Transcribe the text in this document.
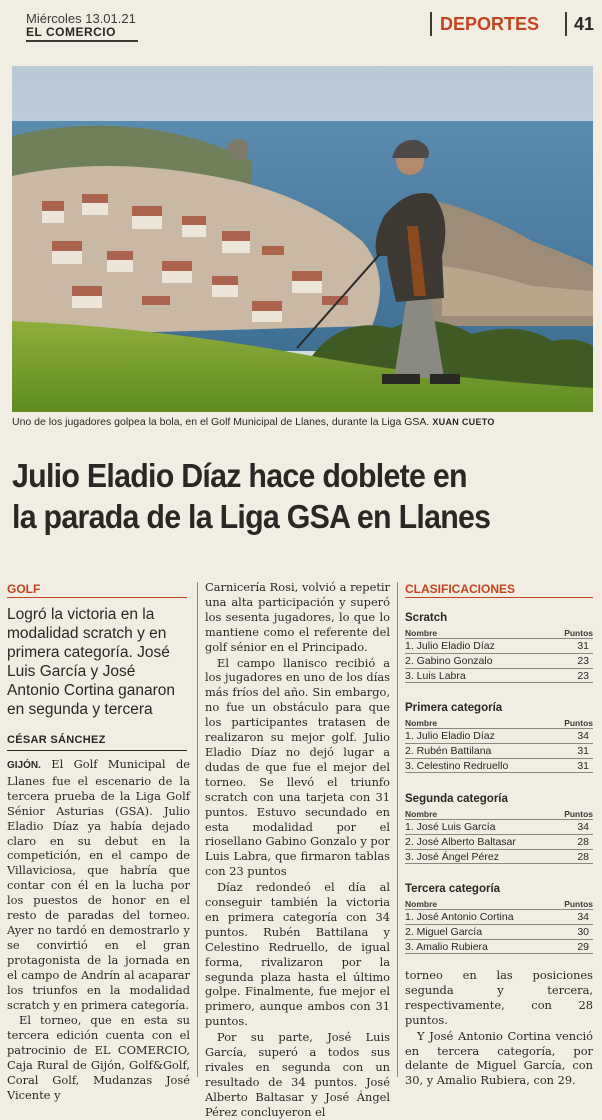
Miércoles 13.01.21
EL COMERCIO	DEPORTES 41
Uno de los jugadores golpea la bola, en el Golf Municipal de Llanes, durante la Liga GSA. XUAN CUETO
Julio Eladio Díaz hace doblete en
la parada de la Liga GSA en Llanes
GOLF
Logró la victoria en la modalidad scratch y en primera categoría. José Luis García y José Antonio Cortina ganaron en segunda y tercera
CÉSAR SÁNCHEZ

GIJÓN. El Golf Municipal de Llanes fue el escenario de la tercera prueba de la Liga Golf Sénior Asturias (GSA). Julio Eladio Díaz ya había dejado claro en su debut en la competición, en el campo de Villaviciosa, que habría que contar con él en la lucha por los puestos de honor en el resto de paradas del torneo. Ayer no tardó en demostrarlo y se convirtió en el gran protagonista de la jornada en el campo de Andrín al acaparar los triunfos en la modalidad scratch y en primera categoría.

El torneo, que en esta su tercera edición cuenta con el patrocinio de EL COMERCIO, Caja Rural de Gijón, Golf&Golf, Coral Golf, Mudanzas José Vicente y

Carnicería Rosi, volvió a repetir una alta participación y superó los sesenta jugadores, lo que lo mantiene como el referente del golf sénior en el Principado.

El campo llanisco recibió a los jugadores en uno de los días más fríos del año. Sin embargo, no fue un obstáculo para que los participantes tratasen de realizaron su mejor golf. Julio Eladio Díaz no dejó lugar a dudas de que fue el mejor del torneo. Se llevó el triunfo scratch con una tarjeta con 31 puntos. Estuvo secundado en esta modalidad por el riosellano Gabino Gonzalo y por Luis Labra, que firmaron tablas con 23 puntos

Díaz redondeó el día al conseguir también la victoria en primera categoría con 34 puntos. Rubén Battilana y Celestino Redruello, de igual forma, rivalizaron por la segunda plaza hasta el último golpe. Finalmente, fue mejor el primero, aunque ambos con 31 puntos.

Por su parte, José Luis García, superó a todos sus rivales en segunda con un resultado de 34 puntos. José Alberto Baltasar y José Ángel Pérez concluyeron el

CLASIFICACIONES
Scratch
Nombre	Puntos
1. Julio Eladio Díaz	31
2. Gabino Gonzalo	23
3. Luis Labra	23
Primera categoría
Nombre	Puntos
1. Julio Eladio Díaz	34
2. Rubén Battilana	31
3. Celestino Redruello	31
Segunda categoría
Nombre	Puntos
1. José Luis García	34
2. José Alberto Baltasar	28
3. José Ángel Pérez	28
Tercera categoría
Nombre	Puntos
1. José Antonio Cortina	34
2. Miguel García	30
3. Amalio Rubiera	29

torneo en las posiciones segunda y tercera, respectivamente, con 28 puntos.

Y José Antonio Cortina venció en tercera categoría, por delante de Miguel García, con 30, y Amalio Rubiera, con 29.
